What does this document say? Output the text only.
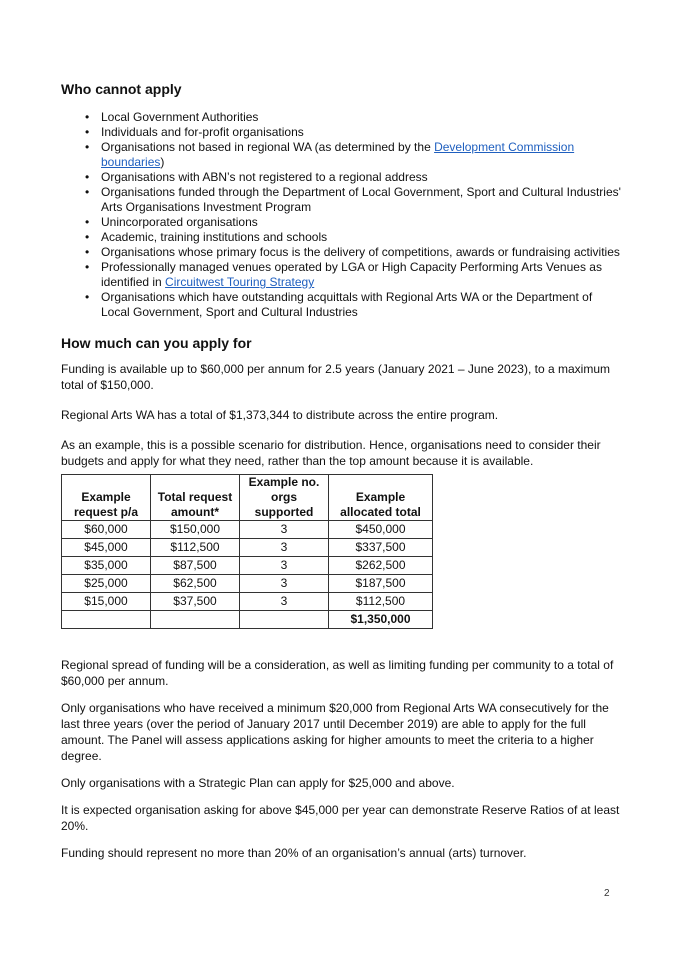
Who cannot apply
• Local Government Authorities
• Individuals and for-profit organisations
• Organisations not based in regional WA (as determined by the Development Commission boundaries)
• Organisations with ABN’s not registered to a regional address
• Organisations funded through the Department of Local Government, Sport and Cultural Industries' Arts Organisations Investment Program
• Unincorporated organisations
• Academic, training institutions and schools
• Organisations whose primary focus is the delivery of competitions, awards or fundraising activities
• Professionally managed venues operated by LGA or High Capacity Performing Arts Venues as identified in Circuitwest Touring Strategy
• Organisations which have outstanding acquittals with Regional Arts WA or the Department of Local Government, Sport and Cultural Industries
How much can you apply for

Funding is available up to $60,000 per annum for 2.5 years (January 2021 – June 2023), to a maximum total of $150,000.

Regional Arts WA has a total of $1,373,344 to distribute across the entire program.

As an example, this is a possible scenario for distribution. Hence, organisations need to consider their budgets and apply for what they need, rather than the top amount because it is available.

Example request p/a	Total request amount*	Example no. orgs supported	Example allocated total
$60,000	$150,000	3	$450,000
$45,000	$112,500	3	$337,500
$35,000	$87,500	3	$262,500
$25,000	$62,500	3	$187,500
$15,000	$37,500	3	$112,500
			$1,350,000

Regional spread of funding will be a consideration, as well as limiting funding per community to a total of $60,000 per annum.

Only organisations who have received a minimum $20,000 from Regional Arts WA consecutively for the last three years (over the period of January 2017 until December 2019) are able to apply for the full amount. The Panel will assess applications asking for higher amounts to meet the criteria to a higher degree.

Only organisations with a Strategic Plan can apply for $25,000 and above.

It is expected organisation asking for above $45,000 per year can demonstrate Reserve Ratios of at least 20%.

Funding should represent no more than 20% of an organisation’s annual (arts) turnover.

2
